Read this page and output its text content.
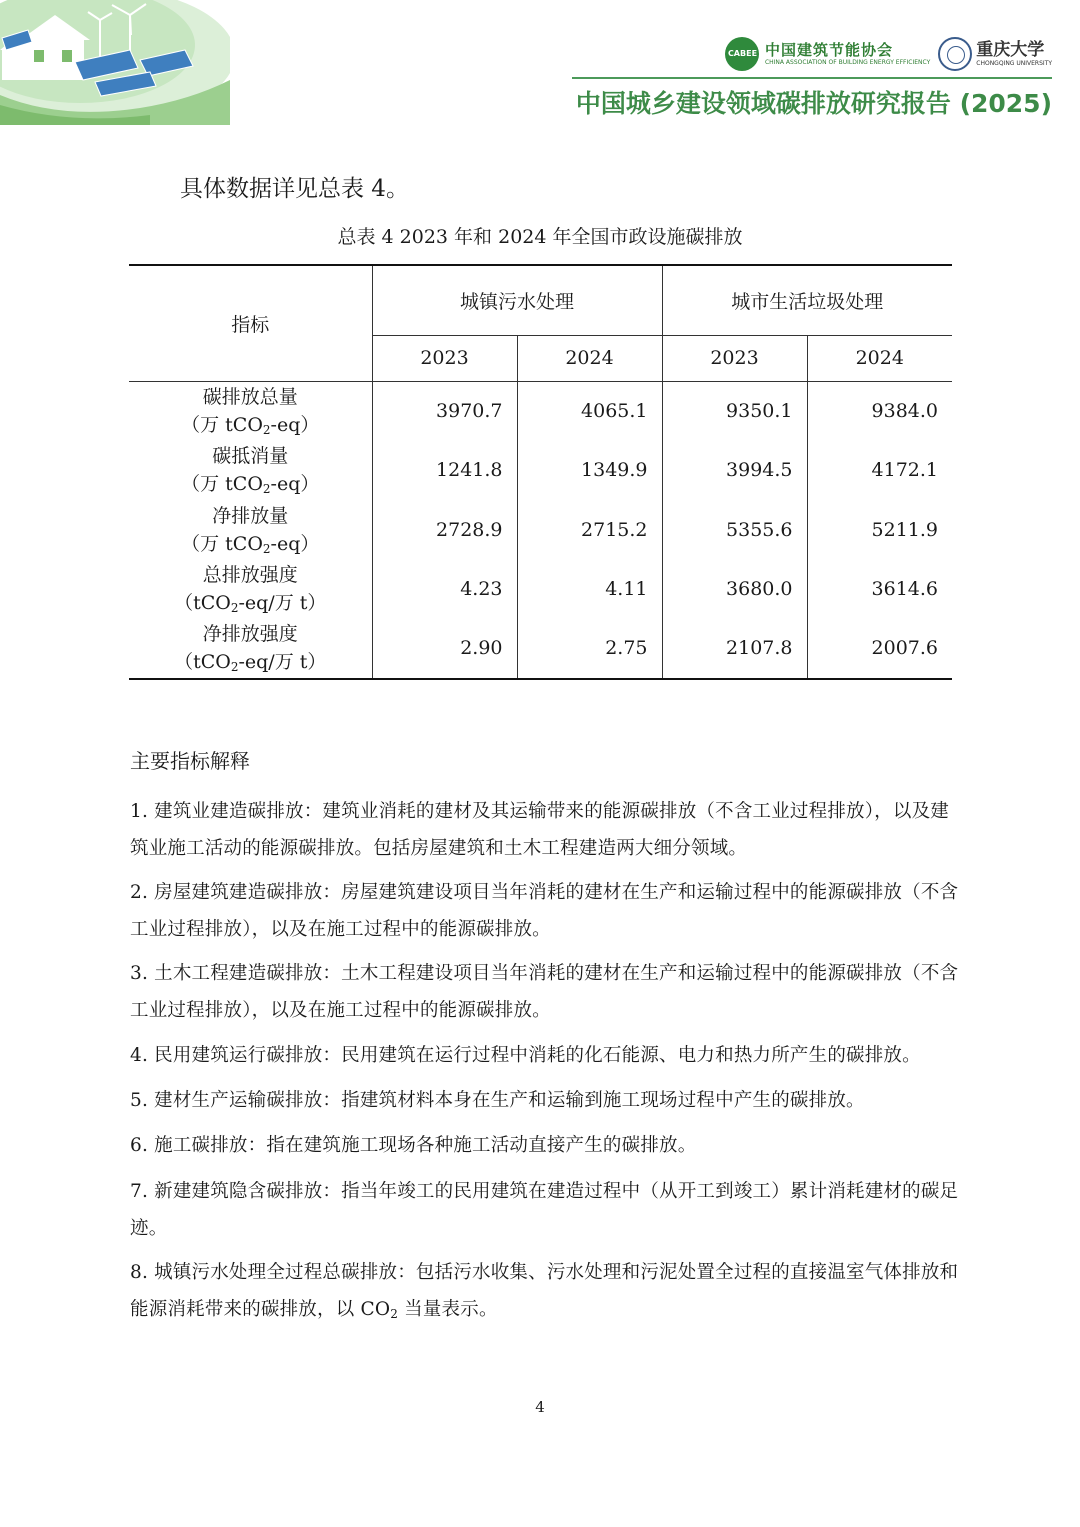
CABEE 中国建筑节能协会
CHINA ASSOCIATION OF BUILDING ENERGY EFFICIENCY
重庆大学
CHONGQING UNIVERSITY
中国城乡建设领域碳排放研究报告 (2025)
具体数据详见总表 4。
总表 4 2023 年和 2024 年全国市政设施碳排放
指标	城镇污水处理		城市生活垃圾处理	
	2023	2024	2023	2024
碳排放总量
（万 tCO$_2$-eq）	3970.7	4065.1	9350.1	9384.0
碳抵消量
（万 tCO$_2$-eq）	1241.8	1349.9	3994.5	4172.1
净排放量
（万 tCO$_2$-eq）	2728.9	2715.2	5355.6	5211.9
总排放强度
（tCO$_2$-eq/万 t）	4.23	4.11	3680.0	3614.6
净排放强度
（tCO$_2$-eq/万 t）	2.90	2.75	2107.8	2007.6
主要指标解释
1. 建筑业建造碳排放：建筑业消耗的建材及其运输带来的能源碳排放（不含工业过程排放），以及建筑业施工活动的能源碳排放。包括房屋建筑和土木工程建造两大细分领域。
2. 房屋建筑建造碳排放：房屋建筑建设项目当年消耗的建材在生产和运输过程中的能源碳排放（不含工业过程排放），以及在施工过程中的能源碳排放。
3. 土木工程建造碳排放：土木工程建设项目当年消耗的建材在生产和运输过程中的能源碳排放（不含工业过程排放），以及在施工过程中的能源碳排放。
4. 民用建筑运行碳排放：民用建筑在运行过程中消耗的化石能源、电力和热力所产生的碳排放。
5. 建材生产运输碳排放：指建筑材料本身在生产和运输到施工现场过程中产生的碳排放。
6. 施工碳排放：指在建筑施工现场各种施工活动直接产生的碳排放。
7. 新建建筑隐含碳排放：指当年竣工的民用建筑在建造过程中（从开工到竣工）累计消耗建材的碳足迹。
8. 城镇污水处理全过程总碳排放：包括污水收集、污水处理和污泥处置全过程的直接温室气体排放和能源消耗带来的碳排放，以 $CO_2$ 当量表示。
4
